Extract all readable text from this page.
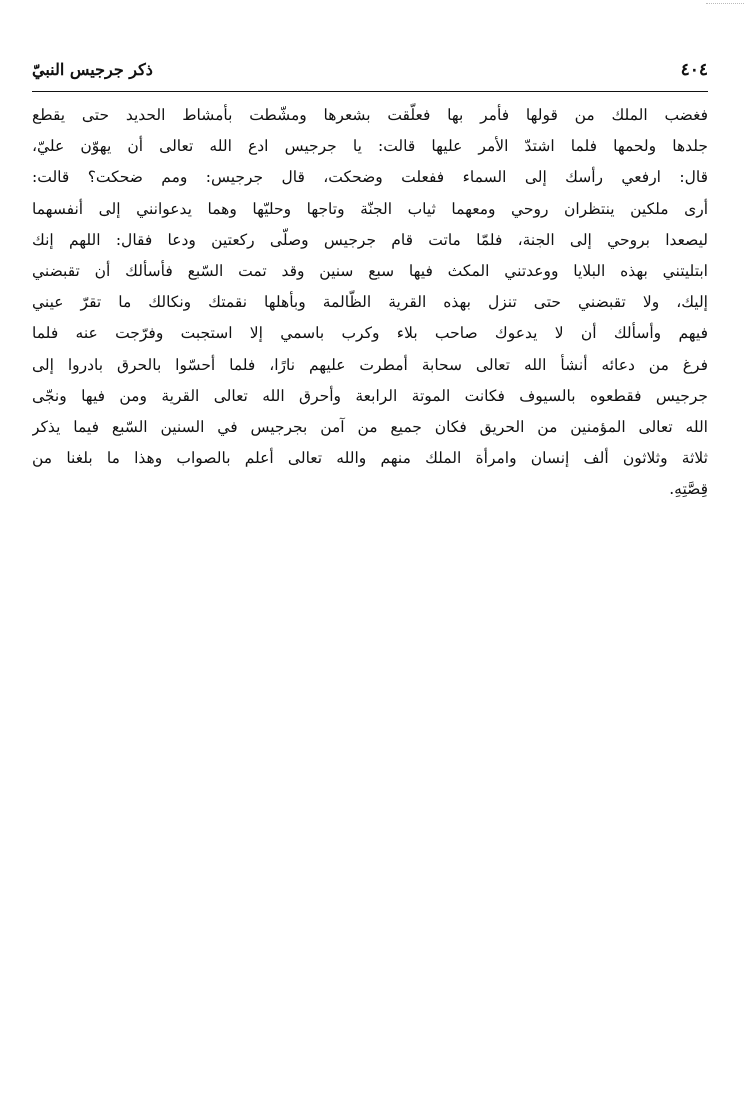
٤٠٤
ذكر جرجيس النبيّ
فغضب الملك من قولها فأمر بها فعلّقت بشعرها ومشّطت بأمشاط الحديد حتى يقطع
جلدها ولحمها فلما اشتدّ الأمر عليها قالت: يا جرجيس ادع الله تعالى أن يهوّن عليّ،
قال: ارفعي رأسك إلى السماء ففعلت وضحكت، قال جرجيس: ومم ضحكت؟ قالت:
أرى ملكين ينتظران روحي ومعهما ثياب الجنّة وتاجها وحليّها وهما يدعوانني إلى أنفسهما
ليصعدا بروحي إلى الجنة، فلمّا ماتت قام جرجيس وصلّى ركعتين ودعا فقال: اللهم إنك
ابتليتني بهذه البلايا ووعدتني المكث فيها سبع سنين وقد تمت السّبع فأسألك أن تقبضني
إليك، ولا تقبضني حتى تنزل بهذه القرية الظّالمة وبأهلها نقمتك ونكالك ما تقرّ عيني
فيهم وأسألك أن لا يدعوك صاحب بلاء وكرب باسمي إلا استجبت وفرّجت عنه فلما
فرغ من دعائه أنشأ الله تعالى سحابة أمطرت عليهم نارًا، فلما أحسّوا بالحرق بادروا إلى
جرجيس فقطعوه بالسيوف فكانت الموتة الرابعة وأحرق الله تعالى القرية ومن فيها ونجّى
الله تعالى المؤمنين من الحريق فكان جميع من آمن بجرجيس في السنين السّبع فيما يذكر
ثلاثة وثلاثون ألف إنسان وامرأة الملك منهم والله تعالى أعلم بالصواب وهذا ما بلغنا من
قِصَّتِهِ.
